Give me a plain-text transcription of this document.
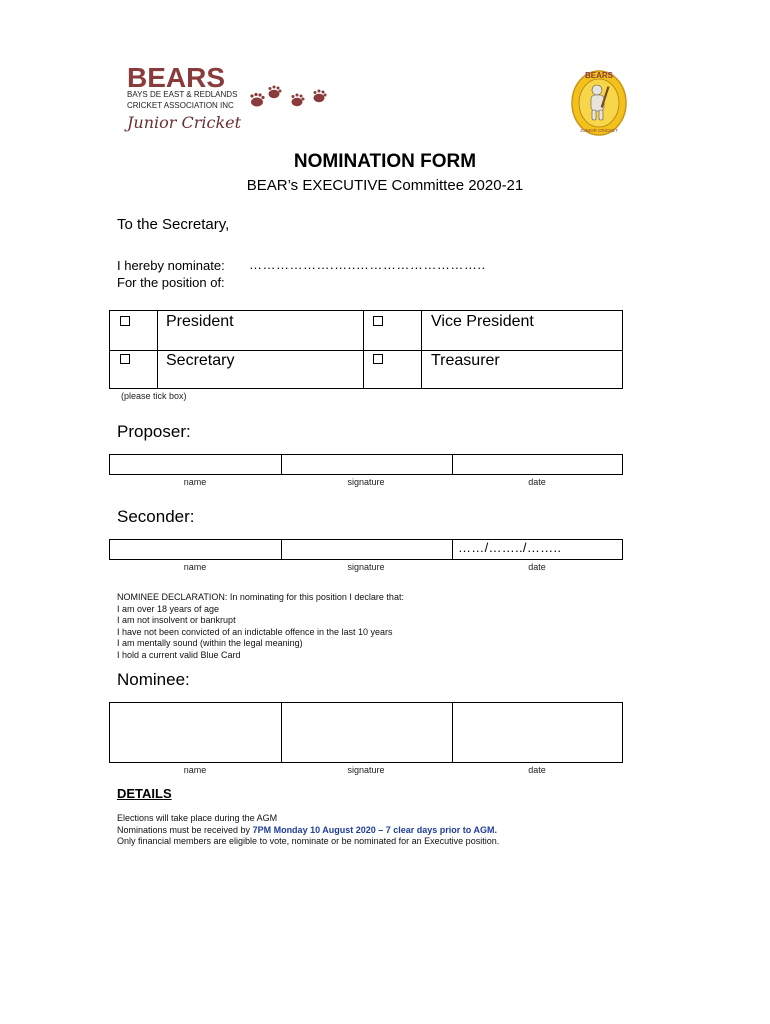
BEARS
BAYS DE EAST & REDLANDS
CRICKET ASSOCIATION INC
Junior Cricket
BEARS
JUNIOR CRICKET
NOMINATION FORM
BEAR’s EXECUTIVE Committee 2020-21
To the Secretary,
I hereby nominate: ……………….…..………………………..
For the position of:
President	Vice President
Secretary	Treasurer
(please tick box)
Proposer:
name	signature	date
Seconder:
……/……../……..
name	signature	date
NOMINEE DECLARATION: In nominating for this position I declare that:
I am over 18 years of age
I am not insolvent or bankrupt
I have not been convicted of an indictable offence in the last 10 years
I am mentally sound (within the legal meaning)
I hold a current valid Blue Card
Nominee:
name	signature	date
DETAILS
Elections will take place during the AGM
Nominations must be received by 7PM Monday 10 August 2020 – 7 clear days prior to AGM.
Only financial members are eligible to vote, nominate or be nominated for an Executive position.
